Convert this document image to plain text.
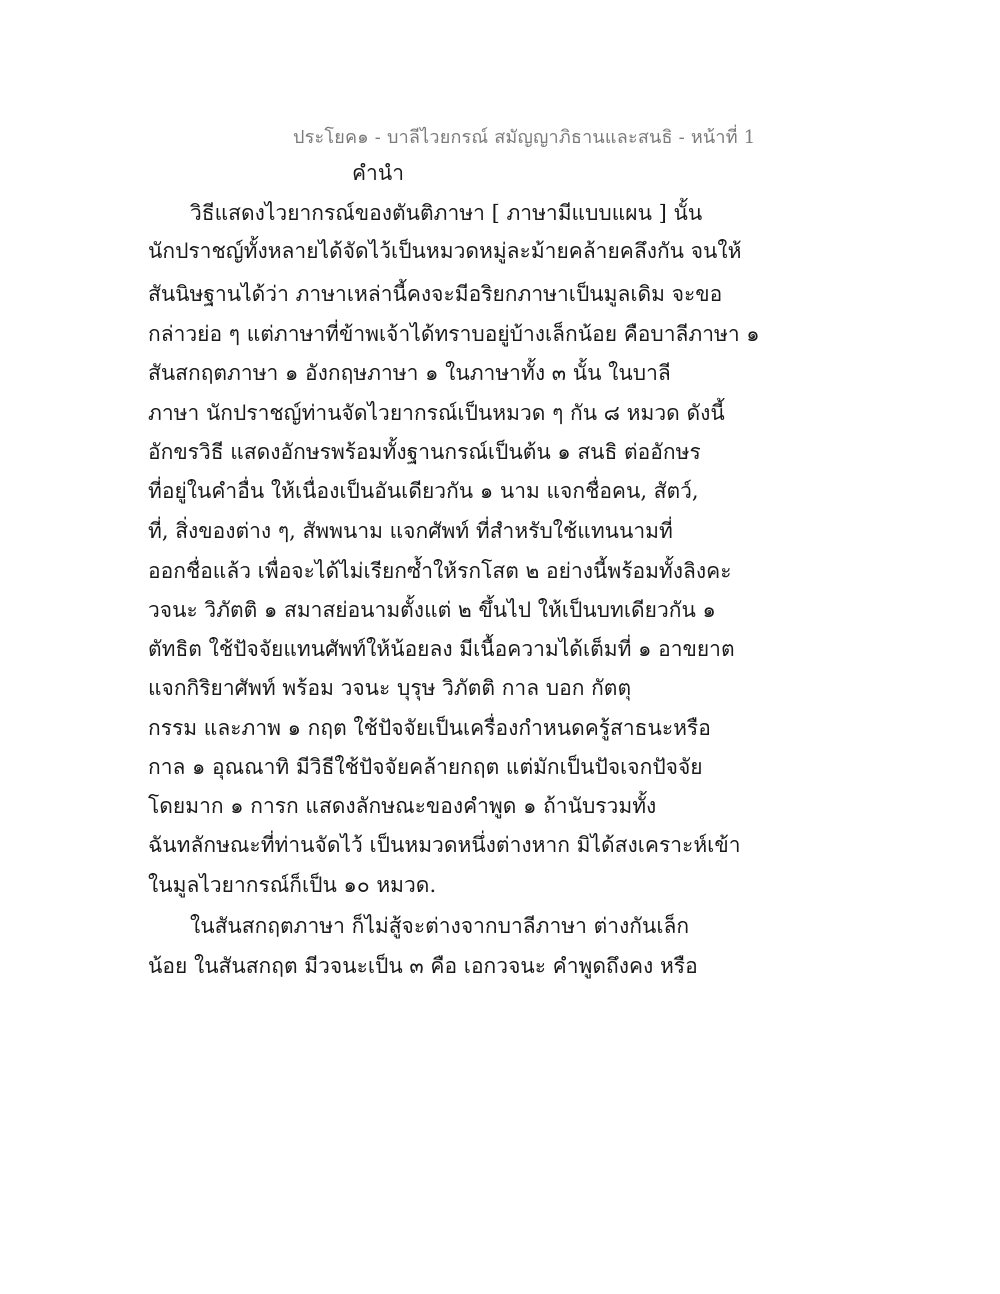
ประโยค๑ - บาลีไวยกรณ์ สมัญญาภิธานและสนธิ - หน้าที่ 1
คำนำ
วิธีแสดงไวยากรณ์ของตันติภาษา [ ภาษามีแบบแผน ] นั้น
นักปราชญ์ทั้งหลายได้จัดไว้เป็นหมวดหมู่ละม้ายคล้ายคลึงกัน จนให้
สันนิษฐานได้ว่า ภาษาเหล่านี้คงจะมีอริยกภาษาเป็นมูลเดิม จะขอ
กล่าวย่อ ๆ แต่ภาษาที่ข้าพเจ้าได้ทราบอยู่บ้างเล็กน้อย คือบาลีภาษา ๑
สันสกฤตภาษา ๑ อังกฤษภาษา ๑ ในภาษาทั้ง ๓ นั้น ในบาลี
ภาษา นักปราชญ์ท่านจัดไวยากรณ์เป็นหมวด ๆ กัน ๘ หมวด ดังนี้
อักขรวิธี แสดงอักษรพร้อมทั้งฐานกรณ์เป็นต้น ๑ สนธิ ต่ออักษร
ที่อยู่ในคำอื่น ให้เนื่องเป็นอันเดียวกัน ๑ นาม แจกชื่อคน, สัตว์,
ที่, สิ่งของต่าง ๆ, สัพพนาม แจกศัพท์ ที่สำหรับใช้แทนนามที่
ออกชื่อแล้ว เพื่อจะได้ไม่เรียกซ้ำให้รกโสต ๒ อย่างนี้พร้อมทั้งลิงคะ
วจนะ วิภัตติ ๑ สมาสย่อนามตั้งแต่ ๒ ขึ้นไป ให้เป็นบทเดียวกัน ๑
ตัทธิต ใช้ปัจจัยแทนศัพท์ให้น้อยลง มีเนื้อความได้เต็มที่ ๑ อาขยาต
แจกกิริยาศัพท์ พร้อม วจนะ บุรุษ วิภัตติ กาล บอก กัตตุ
กรรม และภาพ ๑ กฤต ใช้ปัจจัยเป็นเครื่องกำหนดครู้สาธนะหรือ
กาล ๑ อุณณาทิ มีวิธีใช้ปัจจัยคล้ายกฤต แต่มักเป็นปัจเจกปัจจัย
โดยมาก ๑ การก แสดงลักษณะของคำพูด ๑ ถ้านับรวมทั้ง
ฉันทลักษณะที่ท่านจัดไว้ เป็นหมวดหนึ่งต่างหาก มิได้สงเคราะห์เข้า
ในมูลไวยากรณ์ก็เป็น ๑๐ หมวด.
ในสันสกฤตภาษา ก็ไม่สู้จะต่างจากบาลีภาษา ต่างกันเล็ก
น้อย ในสันสกฤต มีวจนะเป็น ๓ คือ เอกวจนะ คำพูดถึงคง หรือ
